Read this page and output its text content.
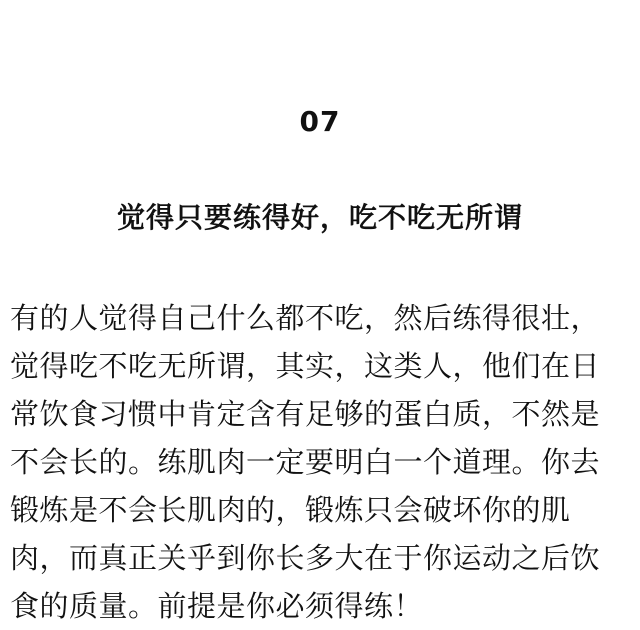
07
觉得只要练得好，吃不吃无所谓
有的人觉得自己什么都不吃，然后练得很壮，
觉得吃不吃无所谓，其实，这类人，他们在日
常饮食习惯中肯定含有足够的蛋白质，不然是
不会长的。练肌肉一定要明白一个道理。你去
锻炼是不会长肌肉的，锻炼只会破坏你的肌
肉，而真正关乎到你长多大在于你运动之后饮
食的质量。前提是你必须得练！
